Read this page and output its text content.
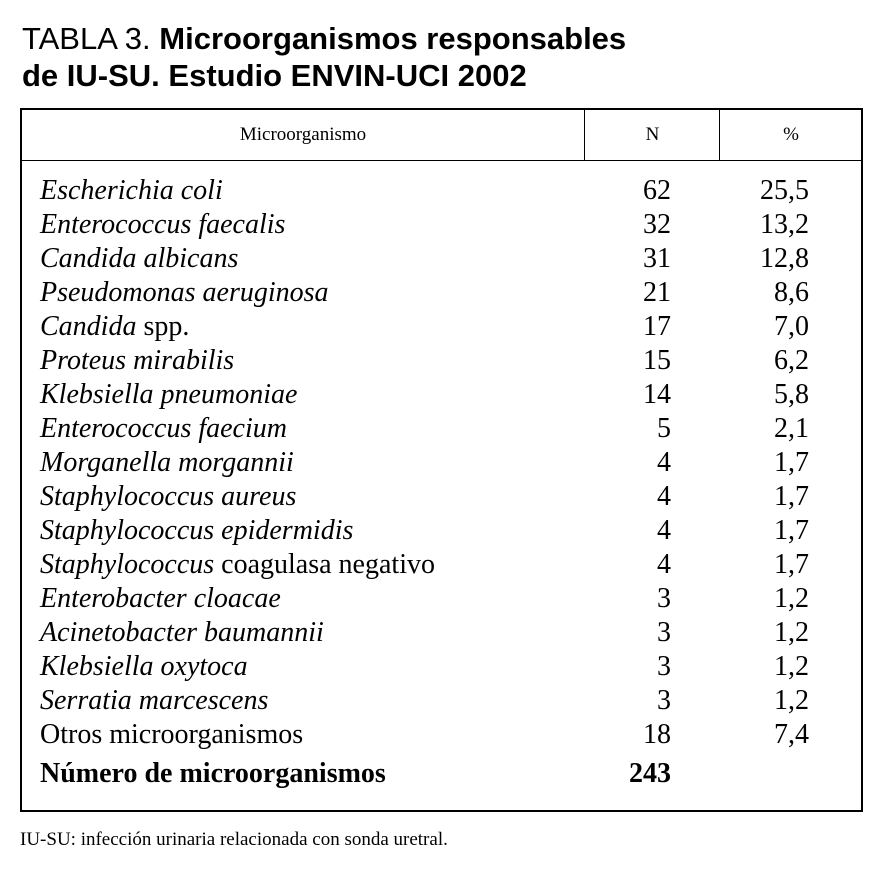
TABLA 3. Microorganismos responsables
de IU-SU. Estudio ENVIN-UCI 2002
Microorganismo	N	%
Escherichia coli	62	25,5
Enterococcus faecalis	32	13,2
Candida albicans	31	12,8
Pseudomonas aeruginosa	21	8,6
Candida spp.	17	7,0
Proteus mirabilis	15	6,2
Klebsiella pneumoniae	14	5,8
Enterococcus faecium	5	2,1
Morganella morgannii	4	1,7
Staphylococcus aureus	4	1,7
Staphylococcus epidermidis	4	1,7
Staphylococcus coagulasa negativo	4	1,7
Enterobacter cloacae	3	1,2
Acinetobacter baumannii	3	1,2
Klebsiella oxytoca	3	1,2
Serratia marcescens	3	1,2
Otros microorganismos	18	7,4
Número de microorganismos	243
IU-SU: infección urinaria relacionada con sonda uretral.
